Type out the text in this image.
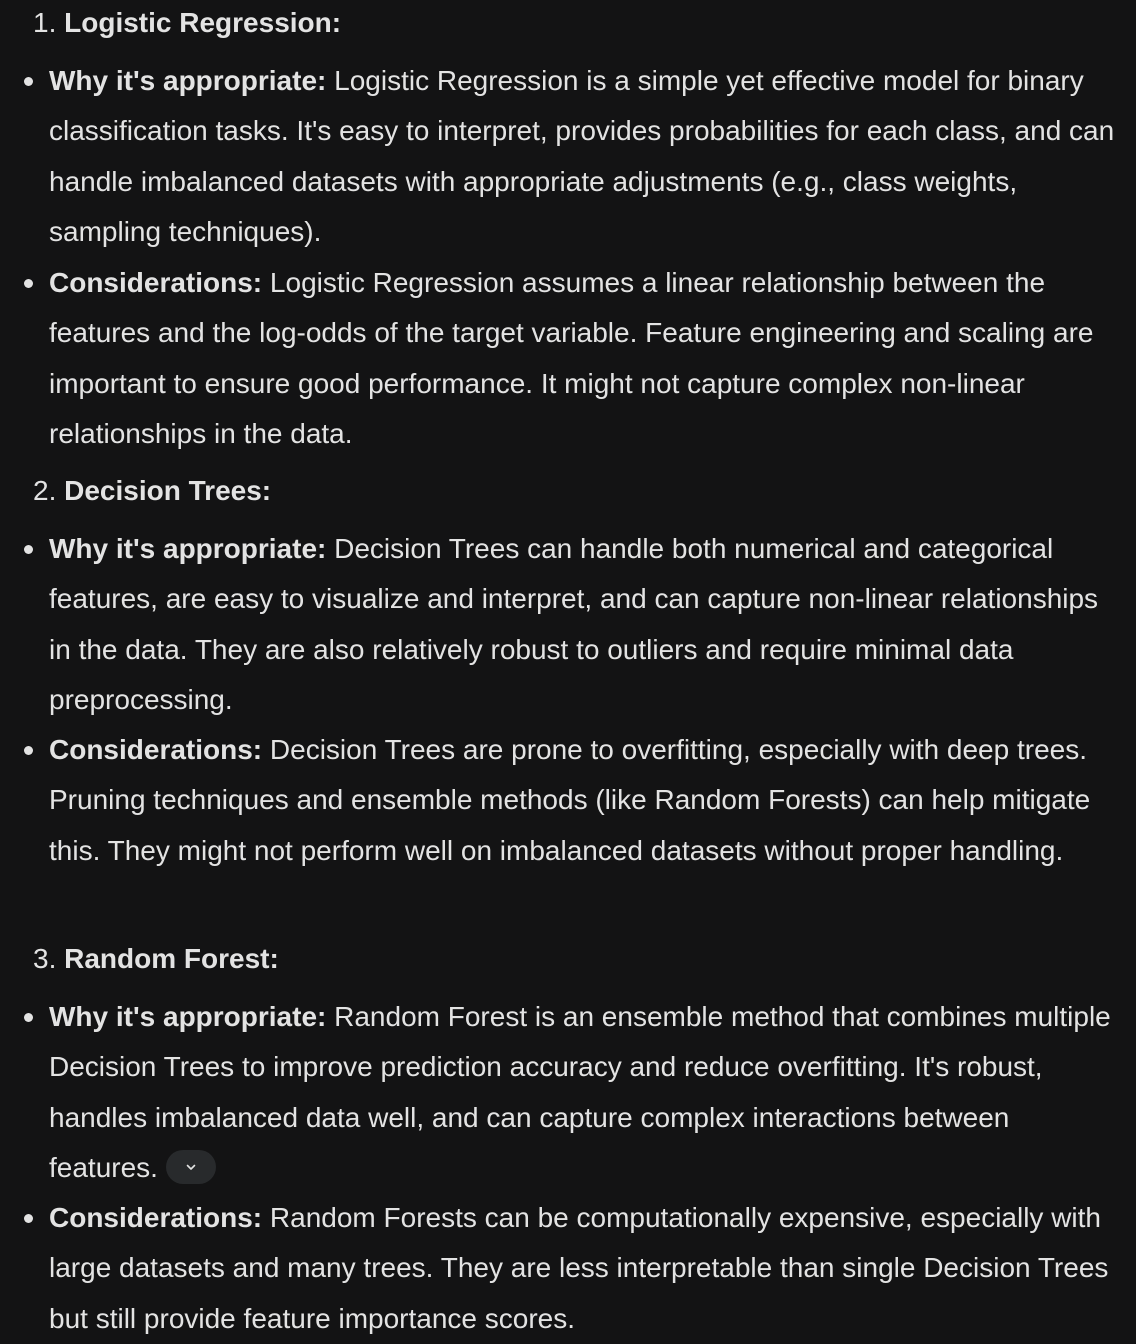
1. Logistic Regression:
Why it's appropriate: Logistic Regression is a simple yet effective model for binary classification tasks. It's easy to interpret, provides probabilities for each class, and can handle imbalanced datasets with appropriate adjustments (e.g., class weights, sampling techniques).
Considerations: Logistic Regression assumes a linear relationship between the features and the log-odds of the target variable. Feature engineering and scaling are important to ensure good performance. It might not capture complex non-linear relationships in the data.
2. Decision Trees:
Why it's appropriate: Decision Trees can handle both numerical and categorical features, are easy to visualize and interpret, and can capture non-linear relationships in the data. They are also relatively robust to outliers and require minimal data preprocessing.
Considerations: Decision Trees are prone to overfitting, especially with deep trees. Pruning techniques and ensemble methods (like Random Forests) can help mitigate this. They might not perform well on imbalanced datasets without proper handling.
3. Random Forest:
Why it's appropriate: Random Forest is an ensemble method that combines multiple Decision Trees to improve prediction accuracy and reduce overfitting. It's robust, handles imbalanced data well, and can capture complex interactions between features.
Considerations: Random Forests can be computationally expensive, especially with large datasets and many trees. They are less interpretable than single Decision Trees but still provide feature importance scores.
